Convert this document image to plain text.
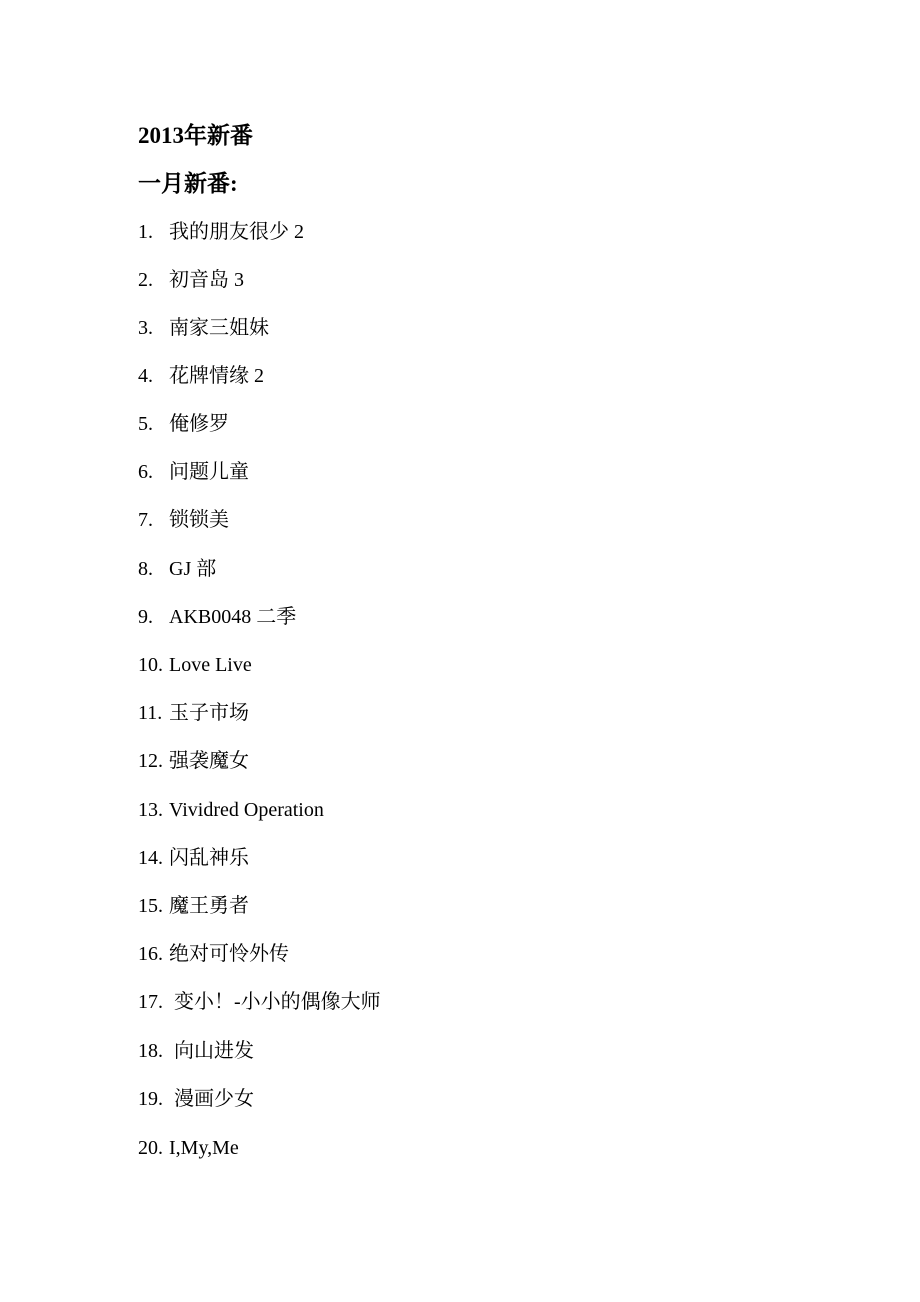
2013年新番
一月新番:
1. 我的朋友很少 2
2. 初音岛 3
3. 南家三姐妹
4. 花牌情缘 2
5. 俺修罗
6. 问题儿童
7. 锁锁美
8. GJ 部
9. AKB0048 二季
10. Love Live
11. 玉子市场
12. 强袭魔女
13. Vividred Operation
14. 闪乱神乐
15. 魔王勇者
16. 绝对可怜外传
17. 变小！-小小的偶像大师
18. 向山进发
19. 漫画少女
20. I,My,Me
